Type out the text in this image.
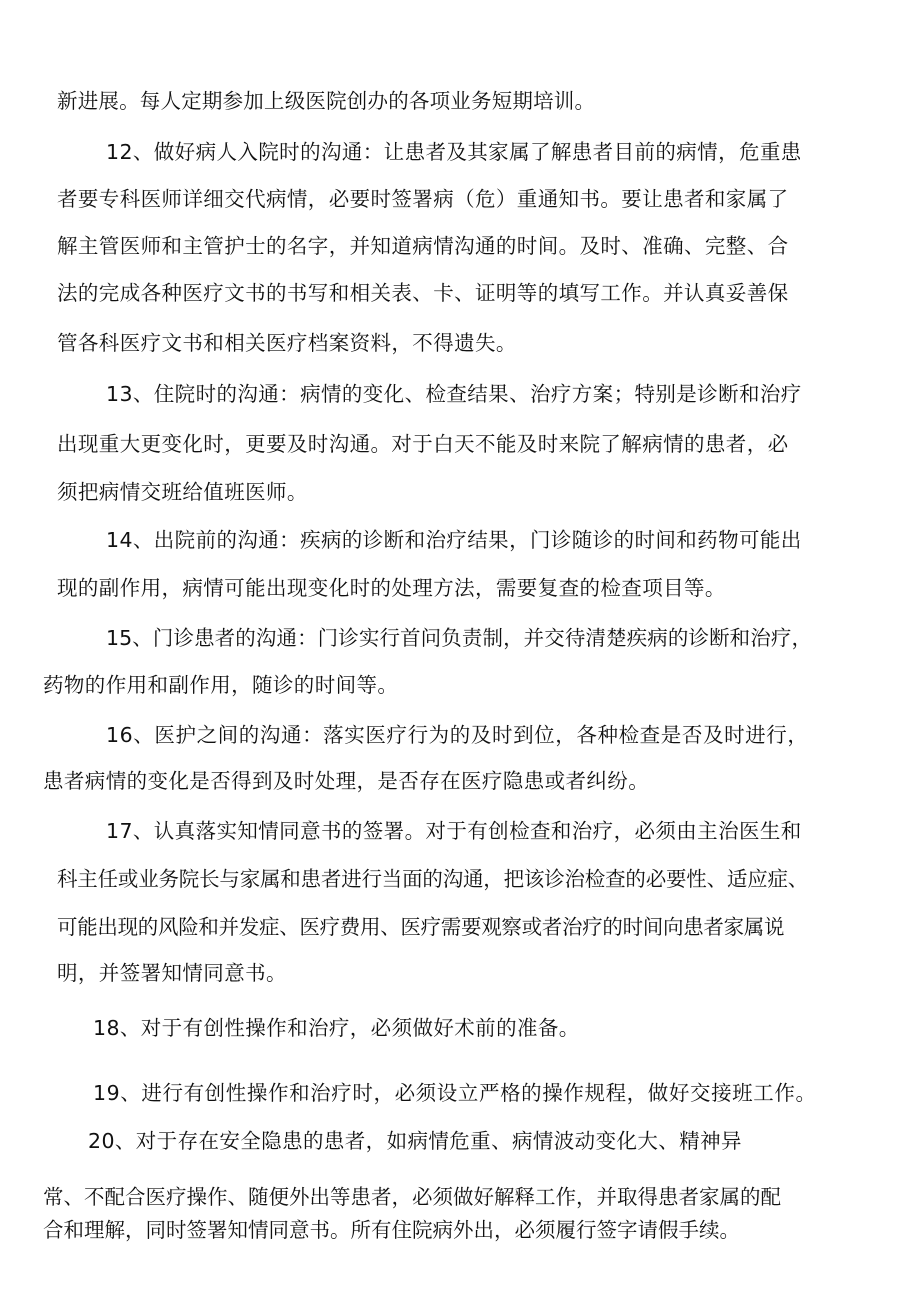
新进展。每人定期参加上级医院创办的各项业务短期培训。
12、做好病人入院时的沟通：让患者及其家属了解患者目前的病情，危重患
者要专科医师详细交代病情，必要时签署病（危）重通知书。要让患者和家属了
解主管医师和主管护士的名字，并知道病情沟通的时间。及时、准确、完整、合
法的完成各种医疗文书的书写和相关表、卡、证明等的填写工作。并认真妥善保
管各科医疗文书和相关医疗档案资料，不得遗失。
13、住院时的沟通：病情的变化、检查结果、治疗方案；特别是诊断和治疗
出现重大更变化时，更要及时沟通。对于白天不能及时来院了解病情的患者，必
须把病情交班给值班医师。
14、出院前的沟通：疾病的诊断和治疗结果，门诊随诊的时间和药物可能出
现的副作用，病情可能出现变化时的处理方法，需要复查的检查项目等。
15、门诊患者的沟通：门诊实行首问负责制，并交待清楚疾病的诊断和治疗，
药物的作用和副作用，随诊的时间等。
16、医护之间的沟通：落实医疗行为的及时到位，各种检查是否及时进行，
患者病情的变化是否得到及时处理，是否存在医疗隐患或者纠纷。
17、认真落实知情同意书的签署。对于有创检查和治疗，必须由主治医生和
科主任或业务院长与家属和患者进行当面的沟通，把该诊治检查的必要性、适应症、
可能出现的风险和并发症、医疗费用、医疗需要观察或者治疗的时间向患者家属说
明，并签署知情同意书。
18、对于有创性操作和治疗，必须做好术前的准备。
19、进行有创性操作和治疗时，必须设立严格的操作规程，做好交接班工作。
20、对于存在安全隐患的患者，如病情危重、病情波动变化大、精神异
常、不配合医疗操作、随便外出等患者，必须做好解释工作，并取得患者家属的配
合和理解，同时签署知情同意书。所有住院病外出，必须履行签字请假手续。
